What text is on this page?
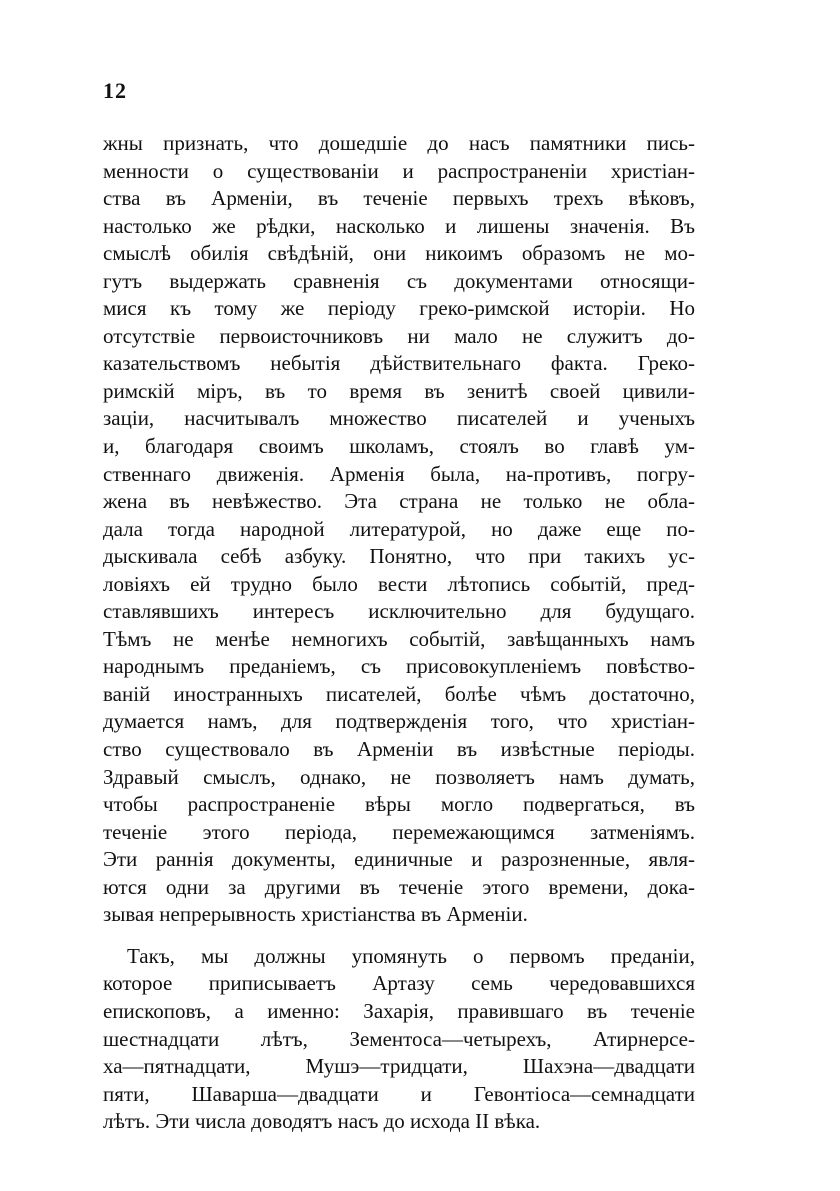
12
жны признать, что дошедшіе до насъ памятники пись-
менности о существованіи и распространеніи христіан-
ства въ Арменіи, въ теченіе первыхъ трехъ вѣковъ,
настолько же рѣдки, насколько и лишены значенія. Въ
смыслѣ обилія свѣдѣній, они никоимъ образомъ не мо-
гутъ выдержать сравненія съ документами относящи-
мися къ тому же періоду греко-римской исторіи. Но
отсутствіе первоисточниковъ ни мало не служитъ до-
казательствомъ небытія дѣйствительнаго факта. Греко-
римскій міръ, въ то время въ зенитѣ своей цивили-
заціи, насчитывалъ множество писателей и ученыхъ
и, благодаря своимъ школамъ, стоялъ во главѣ ум-
ственнаго движенія. Арменія была, на-противъ, погру-
жена въ невѣжество. Эта страна не только не обла-
дала тогда народной литературой, но даже еще по-
дыскивала себѣ азбуку. Понятно, что при такихъ ус-
ловіяхъ ей трудно было вести лѣтопись событій, пред-
ставлявшихъ интересъ исключительно для будущаго.
Тѣмъ не менѣе немногихъ событій, завѣщанныхъ намъ
народнымъ преданіемъ, съ присовокупленіемъ повѣство-
ваній иностранныхъ писателей, болѣе чѣмъ достаточно,
думается намъ, для подтвержденія того, что христіан-
ство существовало въ Арменіи въ извѣстные періоды.
Здравый смыслъ, однако, не позволяетъ намъ думать,
чтобы распространеніе вѣры могло подвергаться, въ
теченіе этого періода, перемежающимся затменіямъ.
Эти раннія документы, единичные и разрозненные, явля-
ются одни за другими въ теченіе этого времени, дока-
зывая непрерывность христіанства въ Арменіи.
Такъ, мы должны упомянуть о первомъ преданіи,
которое приписываетъ Артазу семь чередовавшихся
епископовъ, а именно: Захарія, правившаго въ теченіе
шестнадцати лѣтъ, Зементоса—четырехъ, Атирнерсе-
ха—пятнадцати, Мушэ—тридцати, Шахэна—двадцати
пяти, Шаварша—двадцати и Гевонтіоса—семнадцати
лѣтъ. Эти числа доводятъ насъ до исхода II вѣка.
